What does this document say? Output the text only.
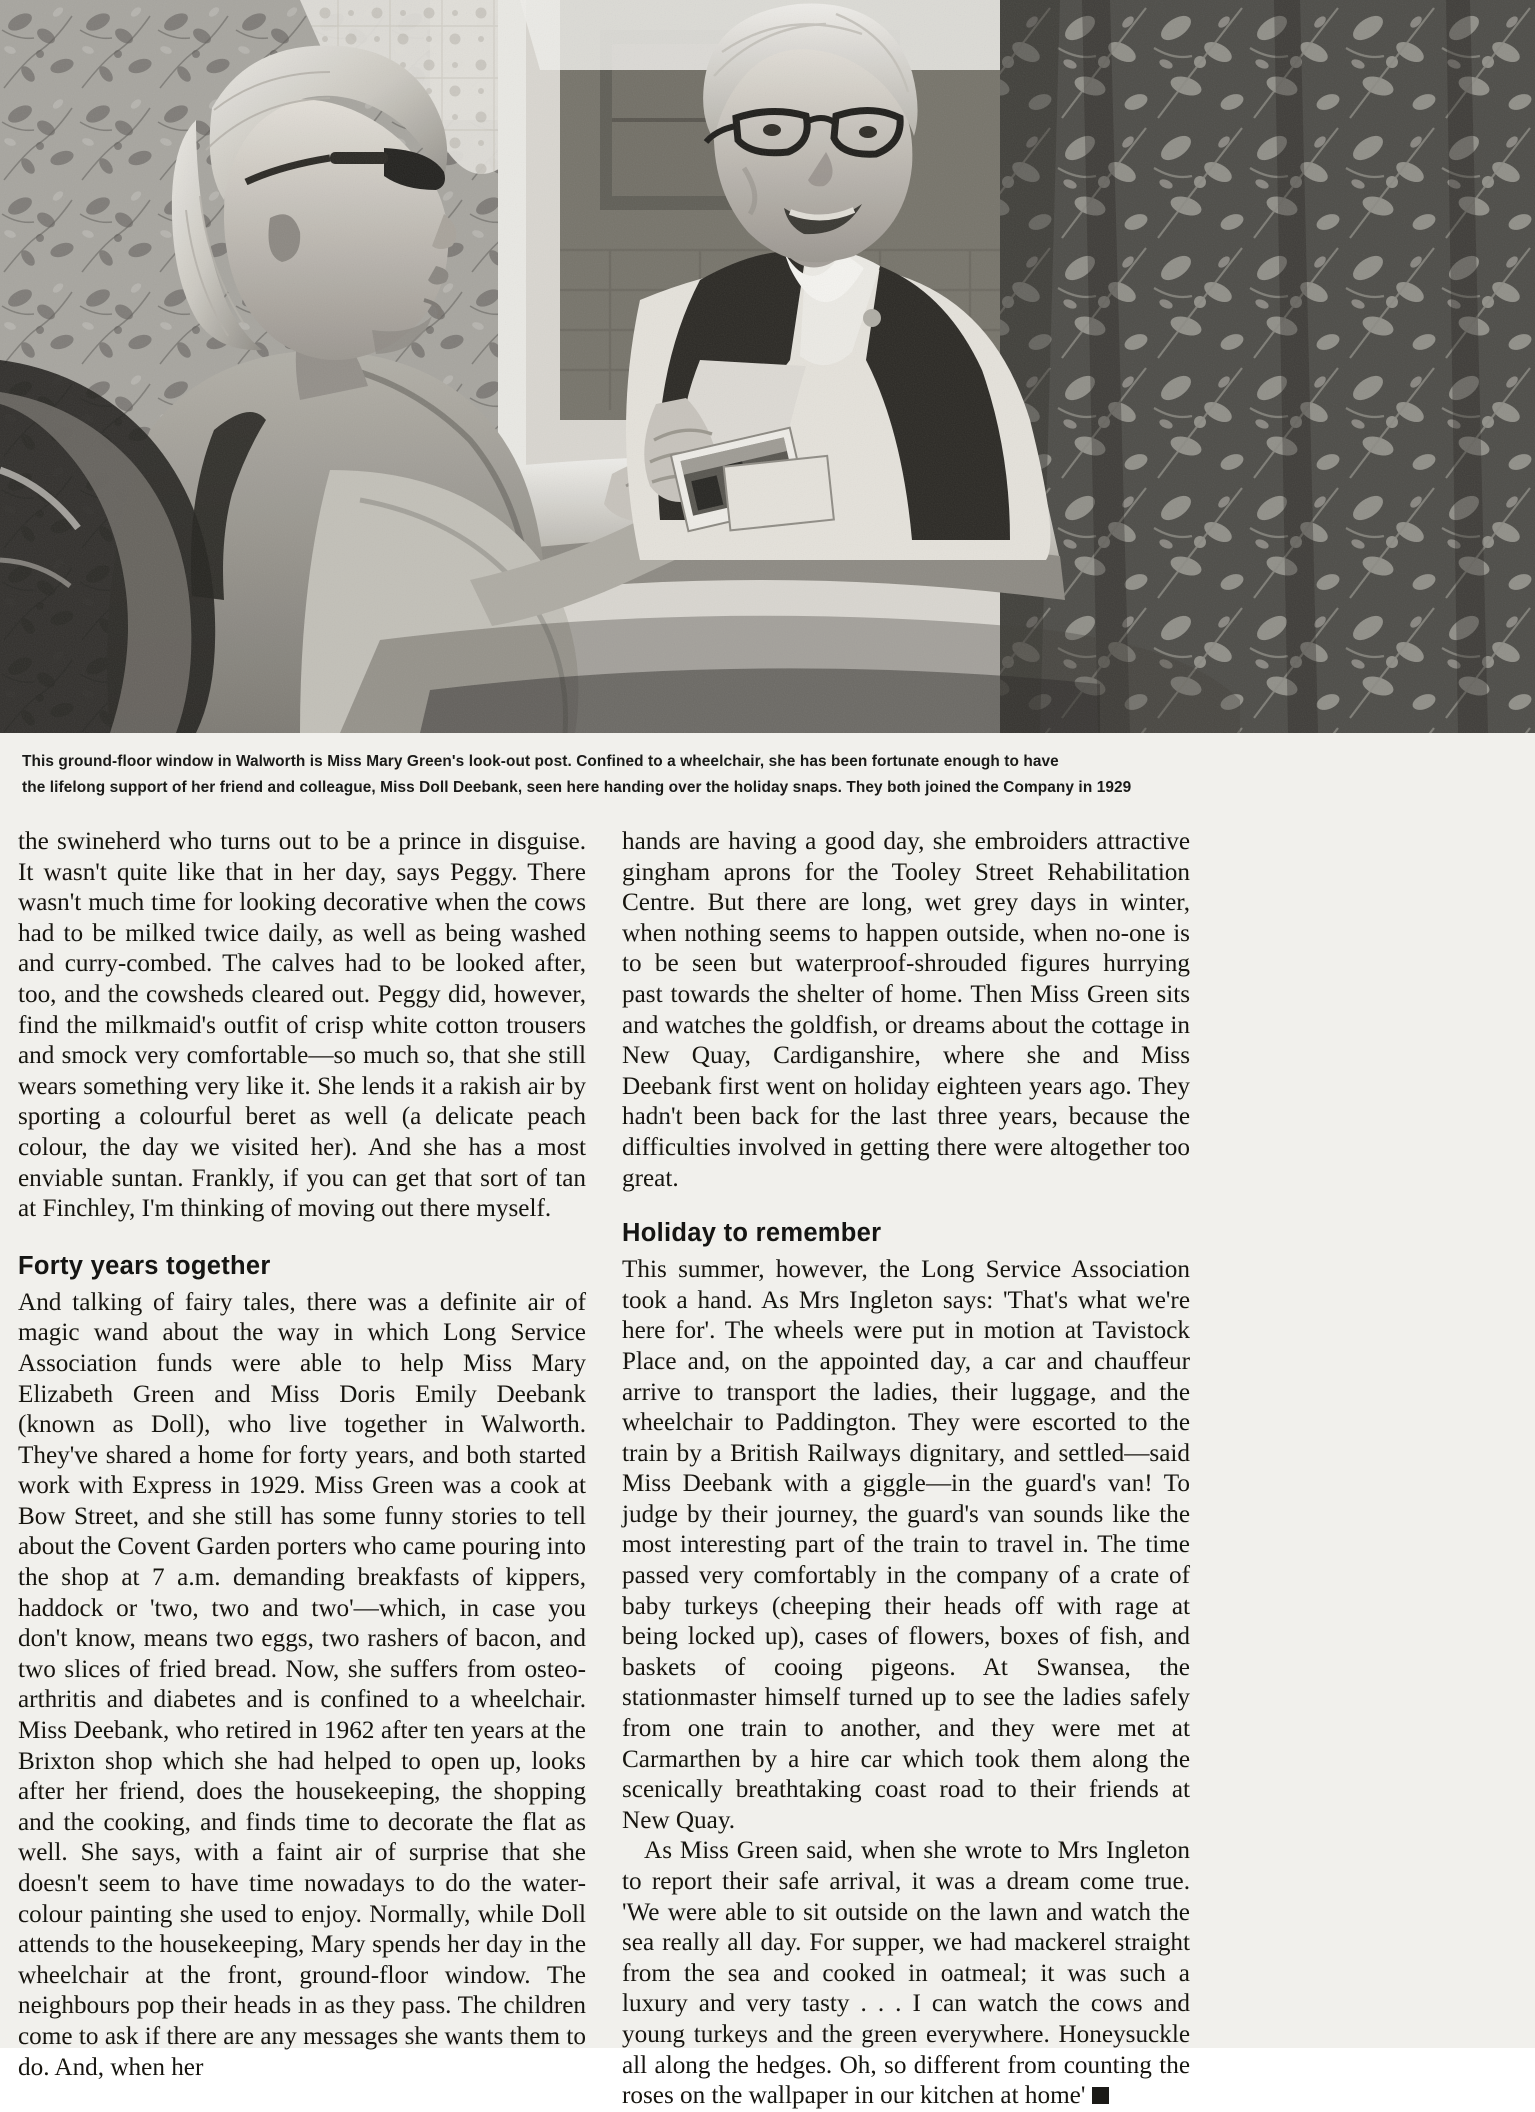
This ground-floor window in Walworth is Miss Mary Green's look-out post. Confined to a wheelchair, she has been fortunate enough to have
the lifelong support of her friend and colleague, Miss Doll Deebank, seen here handing over the holiday snaps. They both joined the Company in 1929

the swineherd who turns out to be a prince in disguise. It wasn't quite like that in her day, says Peggy. There wasn't much time for looking decorative when the cows had to be milked twice daily, as well as being washed and curry-combed. The calves had to be looked after, too, and the cowsheds cleared out. Peggy did, however, find the milkmaid's outfit of crisp white cotton trousers and smock very comfortable—so much so, that she still wears something very like it. She lends it a rakish air by sporting a colourful beret as well (a delicate peach colour, the day we visited her). And she has a most enviable suntan. Frankly, if you can get that sort of tan at Finchley, I'm thinking of moving out there myself.

Forty years together

And talking of fairy tales, there was a definite air of magic wand about the way in which Long Service Association funds were able to help Miss Mary Elizabeth Green and Miss Doris Emily Deebank (known as Doll), who live together in Walworth. They've shared a home for forty years, and both started work with Express in 1929. Miss Green was a cook at Bow Street, and she still has some funny stories to tell about the Covent Garden porters who came pouring into the shop at 7 a.m. demanding breakfasts of kippers, haddock or 'two, two and two'—which, in case you don't know, means two eggs, two rashers of bacon, and two slices of fried bread. Now, she suffers from osteo-arthritis and diabetes and is confined to a wheelchair. Miss Deebank, who retired in 1962 after ten years at the Brixton shop which she had helped to open up, looks after her friend, does the housekeeping, the shopping and the cooking, and finds time to decorate the flat as well. She says, with a faint air of surprise that she doesn't seem to have time nowadays to do the water-colour painting she used to enjoy. Normally, while Doll attends to the housekeeping, Mary spends her day in the wheelchair at the front, ground-floor window. The neighbours pop their heads in as they pass. The children come to ask if there are any messages she wants them to do. And, when her

hands are having a good day, she embroiders attractive gingham aprons for the Tooley Street Rehabilitation Centre. But there are long, wet grey days in winter, when nothing seems to happen outside, when no-one is to be seen but waterproof-shrouded figures hurrying past towards the shelter of home. Then Miss Green sits and watches the goldfish, or dreams about the cottage in New Quay, Cardiganshire, where she and Miss Deebank first went on holiday eighteen years ago. They hadn't been back for the last three years, because the difficulties involved in getting there were altogether too great.

Holiday to remember

This summer, however, the Long Service Association took a hand. As Mrs Ingleton says: 'That's what we're here for'. The wheels were put in motion at Tavistock Place and, on the appointed day, a car and chauffeur arrive to transport the ladies, their luggage, and the wheelchair to Paddington. They were escorted to the train by a British Railways dignitary, and settled—said Miss Deebank with a giggle—in the guard's van! To judge by their journey, the guard's van sounds like the most interesting part of the train to travel in. The time passed very comfortably in the company of a crate of baby turkeys (cheeping their heads off with rage at being locked up), cases of flowers, boxes of fish, and baskets of cooing pigeons. At Swansea, the stationmaster himself turned up to see the ladies safely from one train to another, and they were met at Carmarthen by a hire car which took them along the scenically breathtaking coast road to their friends at New Quay.

As Miss Green said, when she wrote to Mrs Ingleton to report their safe arrival, it was a dream come true. 'We were able to sit outside on the lawn and watch the sea really all day. For supper, we had mackerel straight from the sea and cooked in oatmeal; it was such a luxury and very tasty . . . I can watch the cows and young turkeys and the green everywhere. Honeysuckle all along the hedges. Oh, so different from counting the roses on the wallpaper in our kitchen at home'
